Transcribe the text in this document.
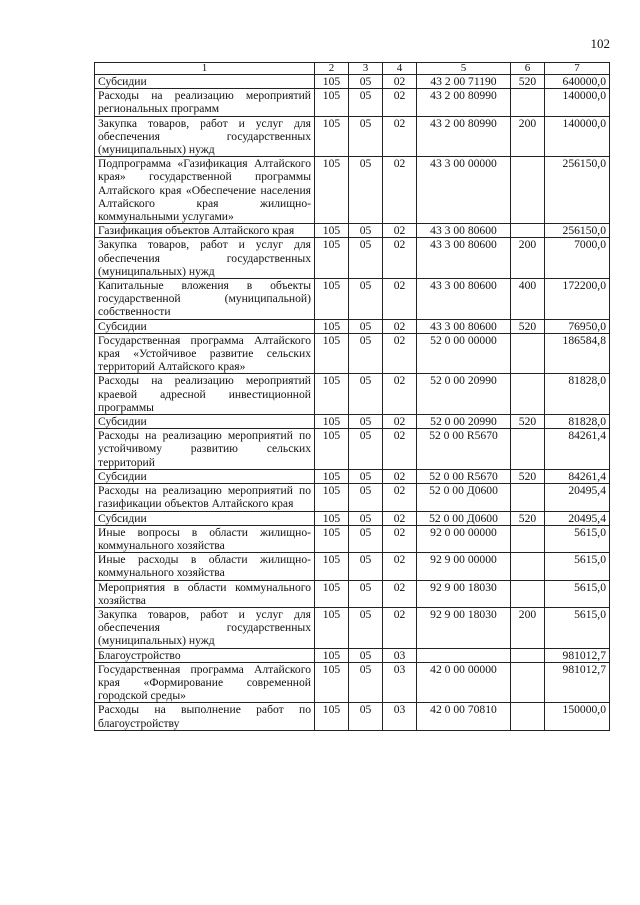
102
1	2	3	4	5	6	7
Субсидии	105	05	02	43 2 00 71190	520	640000,0
Расходы на реализацию мероприятий региональных программ	105	05	02	43 2 00 80990		140000,0
Закупка товаров, работ и услуг для обеспечения государственных (муниципальных) нужд	105	05	02	43 2 00 80990	200	140000,0
Подпрограмма «Газификация Алтайского края» государственной программы Алтайского края «Обеспечение населения Алтайского края жилищно-коммунальными услугами»	105	05	02	43 3 00 00000		256150,0
Газификация объектов Алтайского края	105	05	02	43 3 00 80600		256150,0
Закупка товаров, работ и услуг для обеспечения государственных (муниципальных) нужд	105	05	02	43 3 00 80600	200	7000,0
Капитальные вложения в объекты государственной (муниципальной) собственности	105	05	02	43 3 00 80600	400	172200,0
Субсидии	105	05	02	43 3 00 80600	520	76950,0
Государственная программа Алтайского края «Устойчивое развитие сельских территорий Алтайского края»	105	05	02	52 0 00 00000		186584,8
Расходы на реализацию мероприятий краевой адресной инвестиционной программы	105	05	02	52 0 00 20990		81828,0
Субсидии	105	05	02	52 0 00 20990	520	81828,0
Расходы на реализацию мероприятий по устойчивому развитию сельских территорий	105	05	02	52 0 00 R5670		84261,4
Субсидии	105	05	02	52 0 00 R5670	520	84261,4
Расходы на реализацию мероприятий по газификации объектов Алтайского края	105	05	02	52 0 00 Д0600		20495,4
Субсидии	105	05	02	52 0 00 Д0600	520	20495,4
Иные вопросы в области жилищно-коммунального хозяйства	105	05	02	92 0 00 00000		5615,0
Иные расходы в области жилищно-коммунального хозяйства	105	05	02	92 9 00 00000		5615,0
Мероприятия в области коммунального хозяйства	105	05	02	92 9 00 18030		5615,0
Закупка товаров, работ и услуг для обеспечения государственных (муниципальных) нужд	105	05	02	92 9 00 18030	200	5615,0
Благоустройство	105	05	03			981012,7
Государственная программа Алтайского края «Формирование современной городской среды»	105	05	03	42 0 00 00000		981012,7
Расходы на выполнение работ по благоустройству	105	05	03	42 0 00 70810		150000,0
